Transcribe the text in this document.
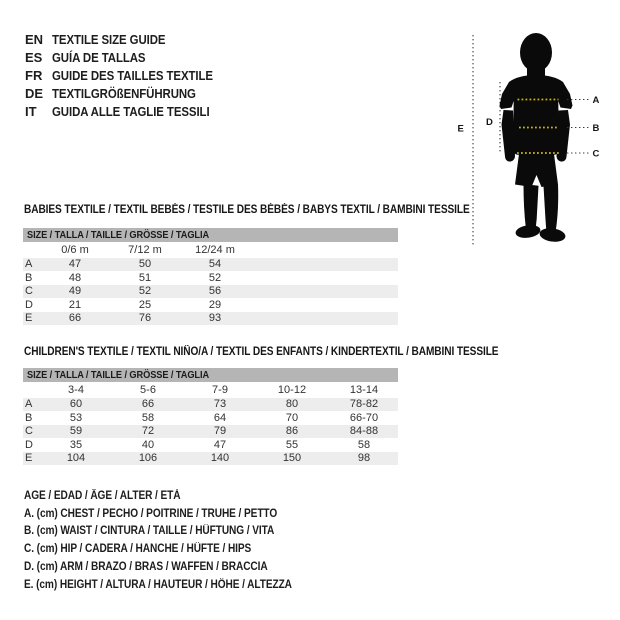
EN TEXTILE SIZE GUIDE
ES GUÍA DE TALLAS
FR GUIDE DES TAILLES TEXTILE
DE TEXTILGRÖßENFÜHRUNG
IT	GUIDA ALLE TAGLIE TESSILI
A
B
C
D
E
BABIES TEXTILE / TEXTIL BEBÉS / TESTILE DES BÉBÉS / BABYS TEXTIL / BAMBINI TESSILE
SIZE / TALLA / TAILLE / GRÖSSE / TAGLIA
0/6 m	7/12 m	12/24 m
A	47	50	54
B	48	51	52
C	49	52	56
D	21	25	29
E	66	76	93
CHILDREN'S TEXTILE / TEXTIL NIÑO/A / TEXTIL DES ENFANTS / KINDERTEXTIL / BAMBINI TESSILE
SIZE / TALLA / TAILLE / GRÖSSE / TAGLIA
3-4	5-6	7-9	10-12	13-14
A	60	66	73	80	78-82
B	53	58	64	70	66-70
C	59	72	79	86	84-88
D	35	40	47	55	58
E	104	106	140	150	98
AGE / EDAD / ÂGE / ALTER / ETÀ
A. (cm) CHEST / PECHO / POITRINE / TRUHE / PETTO
B. (cm) WAIST / CINTURA / TAILLE / HÜFTUNG / VITA
C. (cm) HIP / CADERA / HANCHE / HÜFTE / HIPS
D. (cm) ARM / BRAZO / BRAS / WAFFEN / BRACCIA
E. (cm) HEIGHT / ALTURA / HAUTEUR / HÖHE / ALTEZZA
